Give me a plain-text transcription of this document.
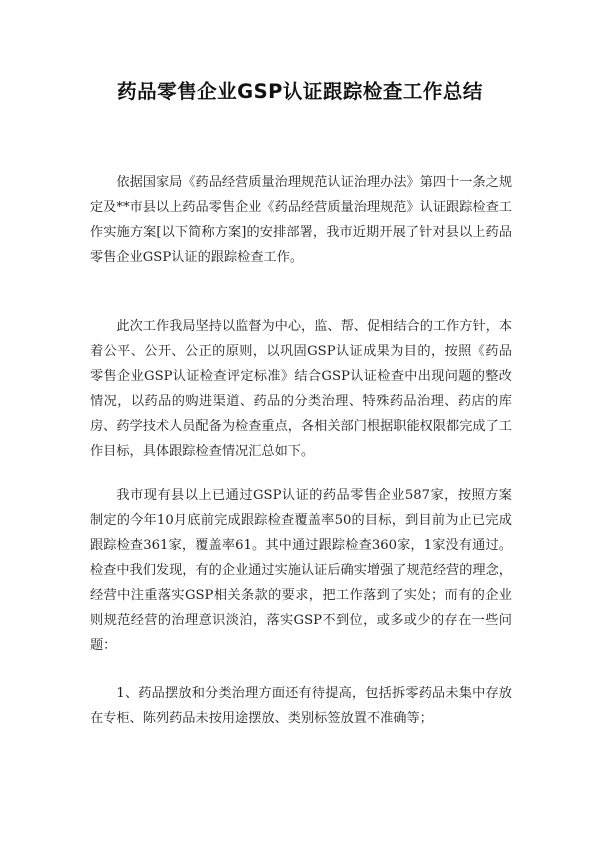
药品零售企业GSP认证跟踪检查工作总结

依据国家局《药品经营质量治理规范认证治理办法》第四十一条之规定及**市县以上药品零售企业《药品经营质量治理规范》认证跟踪检查工作实施方案[以下简称方案]的安排部署，我市近期开展了针对县以上药品零售企业GSP认证的跟踪检查工作。

此次工作我局坚持以监督为中心，监、帮、促相结合的工作方针，本着公平、公开、公正的原则，以巩固GSP认证成果为目的，按照《药品零售企业GSP认证检查评定标准》结合GSP认证检查中出现问题的整改情况，以药品的购进渠道、药品的分类治理、特殊药品治理、药店的库房、药学技术人员配备为检查重点，各相关部门根据职能权限都完成了工作目标，具体跟踪检查情况汇总如下。

我市现有县以上已通过GSP认证的药品零售企业587家，按照方案制定的今年10月底前完成跟踪检查覆盖率50的目标，到目前为止已完成跟踪检查361家，覆盖率61。其中通过跟踪检查360家，1家没有通过。检查中我们发现，有的企业通过实施认证后确实增强了规范经营的理念，经营中注重落实GSP相关条款的要求，把工作落到了实处；而有的企业则规范经营的治理意识淡泊，落实GSP不到位，或多或少的存在一些问题：

1、药品摆放和分类治理方面还有待提高，包括拆零药品未集中存放在专柜、陈列药品未按用途摆放、类别标签放置不准确等；
